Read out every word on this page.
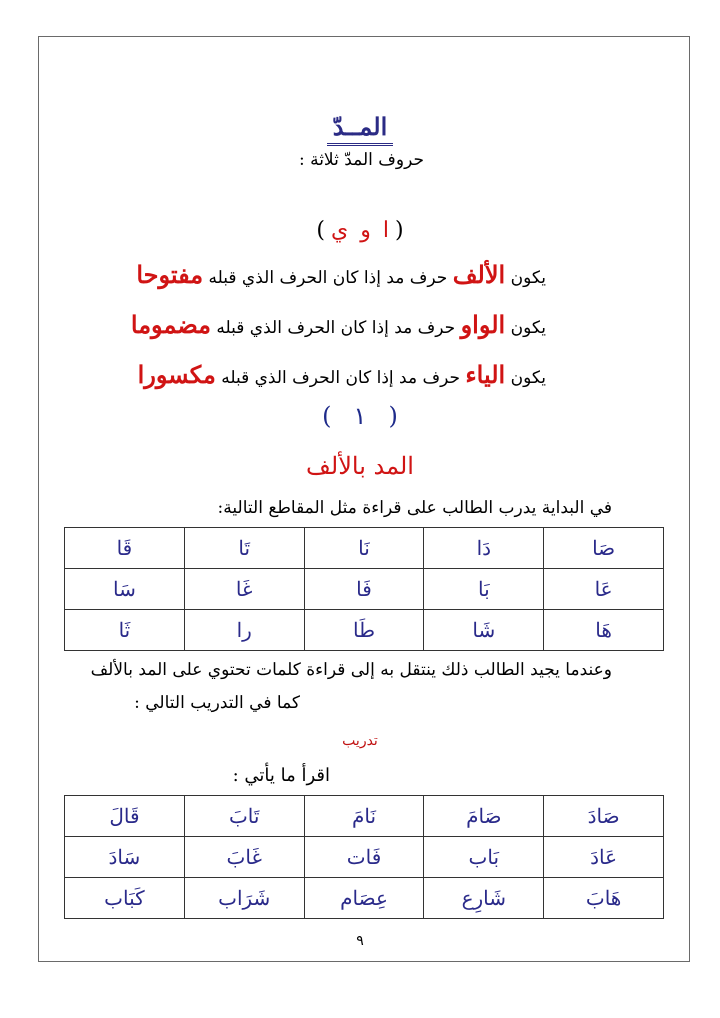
المــدّ
حروف المدّ ثلاثة :
(	اوي )
يكون الألف حرف مد إذا كان الحرف الذي قبله مفتوحا
يكون الواو حرف مد إذا كان الحرف الذي قبله مضموما
يكون الياء حرف مد إذا كان الحرف الذي قبله مكسورا
( ١ )
المد بالألف
في البداية يدرب الطالب على قراءة مثل المقاطع التالية:
صَا	دَا	نَا	تَا	قَا
عَا	بَا	فَا	غَا	سَا
هَا	شَا	طَا	را	ثَا
وعندما يجيد الطالب ذلك ينتقل به إلى قراءة كلمات تحتوي على المد بالألف
كما في التدريب التالي :
تدريب
اقرأ ما يأتي :
صَادَ	صَامَ	نَامَ	تَابَ	قَالَ
عَادَ	بَاب	فَات	غَابَ	سَادَ
هَابَ	شَارِع	عِصَام	شَرَاب	كَبَاب
٩
